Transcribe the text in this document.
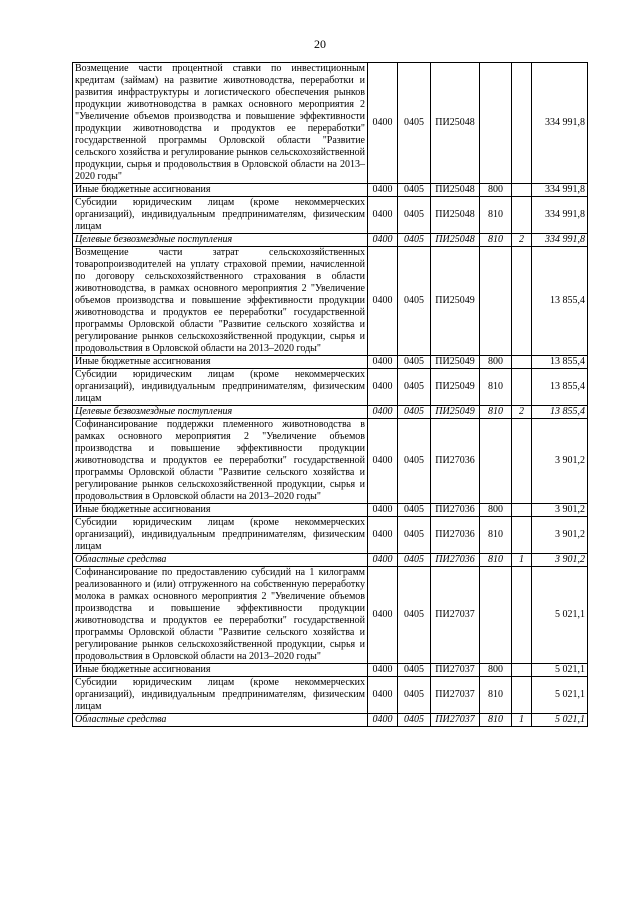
20
Возмещение части процентной ставки по инвестиционным кредитам (займам) на развитие животноводства, переработки и развития инфраструктуры и логистического обеспечения рынков продукции животноводства в рамках основного мероприятия 2 "Увеличение объемов производства и повышение эффективности продукции животноводства и продуктов ее переработки" государственной программы Орловской области "Развитие сельского хозяйства и регулирование рынков сельскохозяйственной продукции, сырья и продовольствия в Орловской области на 2013–2020 годы"	0400	0405	ПИ25048			334 991,8
Иные бюджетные ассигнования	0400	0405	ПИ25048	800		334 991,8
Субсидии юридическим лицам (кроме некоммерческих организаций), индивидуальным предпринимателям, физическим лицам	0400	0405	ПИ25048	810		334 991,8
Целевые безвозмездные поступления	0400	0405	ПИ25048	810	2	334 991,8
Возмещение части затрат сельскохозяйственных товаропроизводителей на уплату страховой премии, начисленной по договору сельскохозяйственного страхования в области животноводства, в рамках основного мероприятия 2 "Увеличение объемов производства и повышение эффективности продукции животноводства и продуктов ее переработки" государственной программы Орловской области "Развитие сельского хозяйства и регулирование рынков сельскохозяйственной продукции, сырья и продовольствия в Орловской области на 2013–2020 годы"	0400	0405	ПИ25049			13 855,4
Иные бюджетные ассигнования	0400	0405	ПИ25049	800		13 855,4
Субсидии юридическим лицам (кроме некоммерческих организаций), индивидуальным предпринимателям, физическим лицам	0400	0405	ПИ25049	810		13 855,4
Целевые безвозмездные поступления	0400	0405	ПИ25049	810	2	13 855,4
Софинансирование поддержки племенного животноводства в рамках основного мероприятия 2 "Увеличение объемов производства и повышение эффективности продукции животноводства и продуктов ее переработки" государственной программы Орловской области "Развитие сельского хозяйства и регулирование рынков сельскохозяйственной продукции, сырья и продовольствия в Орловской области на 2013–2020 годы"	0400	0405	ПИ27036			3 901,2
Иные бюджетные ассигнования	0400	0405	ПИ27036	800		3 901,2
Субсидии юридическим лицам (кроме некоммерческих организаций), индивидуальным предпринимателям, физическим лицам	0400	0405	ПИ27036	810		3 901,2
Областные средства	0400	0405	ПИ27036	810	1	3 901,2
Софинансирование по предоставлению субсидий на 1 килограмм реализованного и (или) отгруженного на собственную переработку молока в рамках основного мероприятия 2 "Увеличение объемов производства и повышение эффективности продукции животноводства и продуктов ее переработки" государственной программы Орловской области "Развитие сельского хозяйства и регулирование рынков сельскохозяйственной продукции, сырья и продовольствия в Орловской области на 2013–2020 годы"	0400	0405	ПИ27037			5 021,1
Иные бюджетные ассигнования	0400	0405	ПИ27037	800		5 021,1
Субсидии юридическим лицам (кроме некоммерческих организаций), индивидуальным предпринимателям, физическим лицам	0400	0405	ПИ27037	810		5 021,1
Областные средства	0400	0405	ПИ27037	810	1	5 021,1
